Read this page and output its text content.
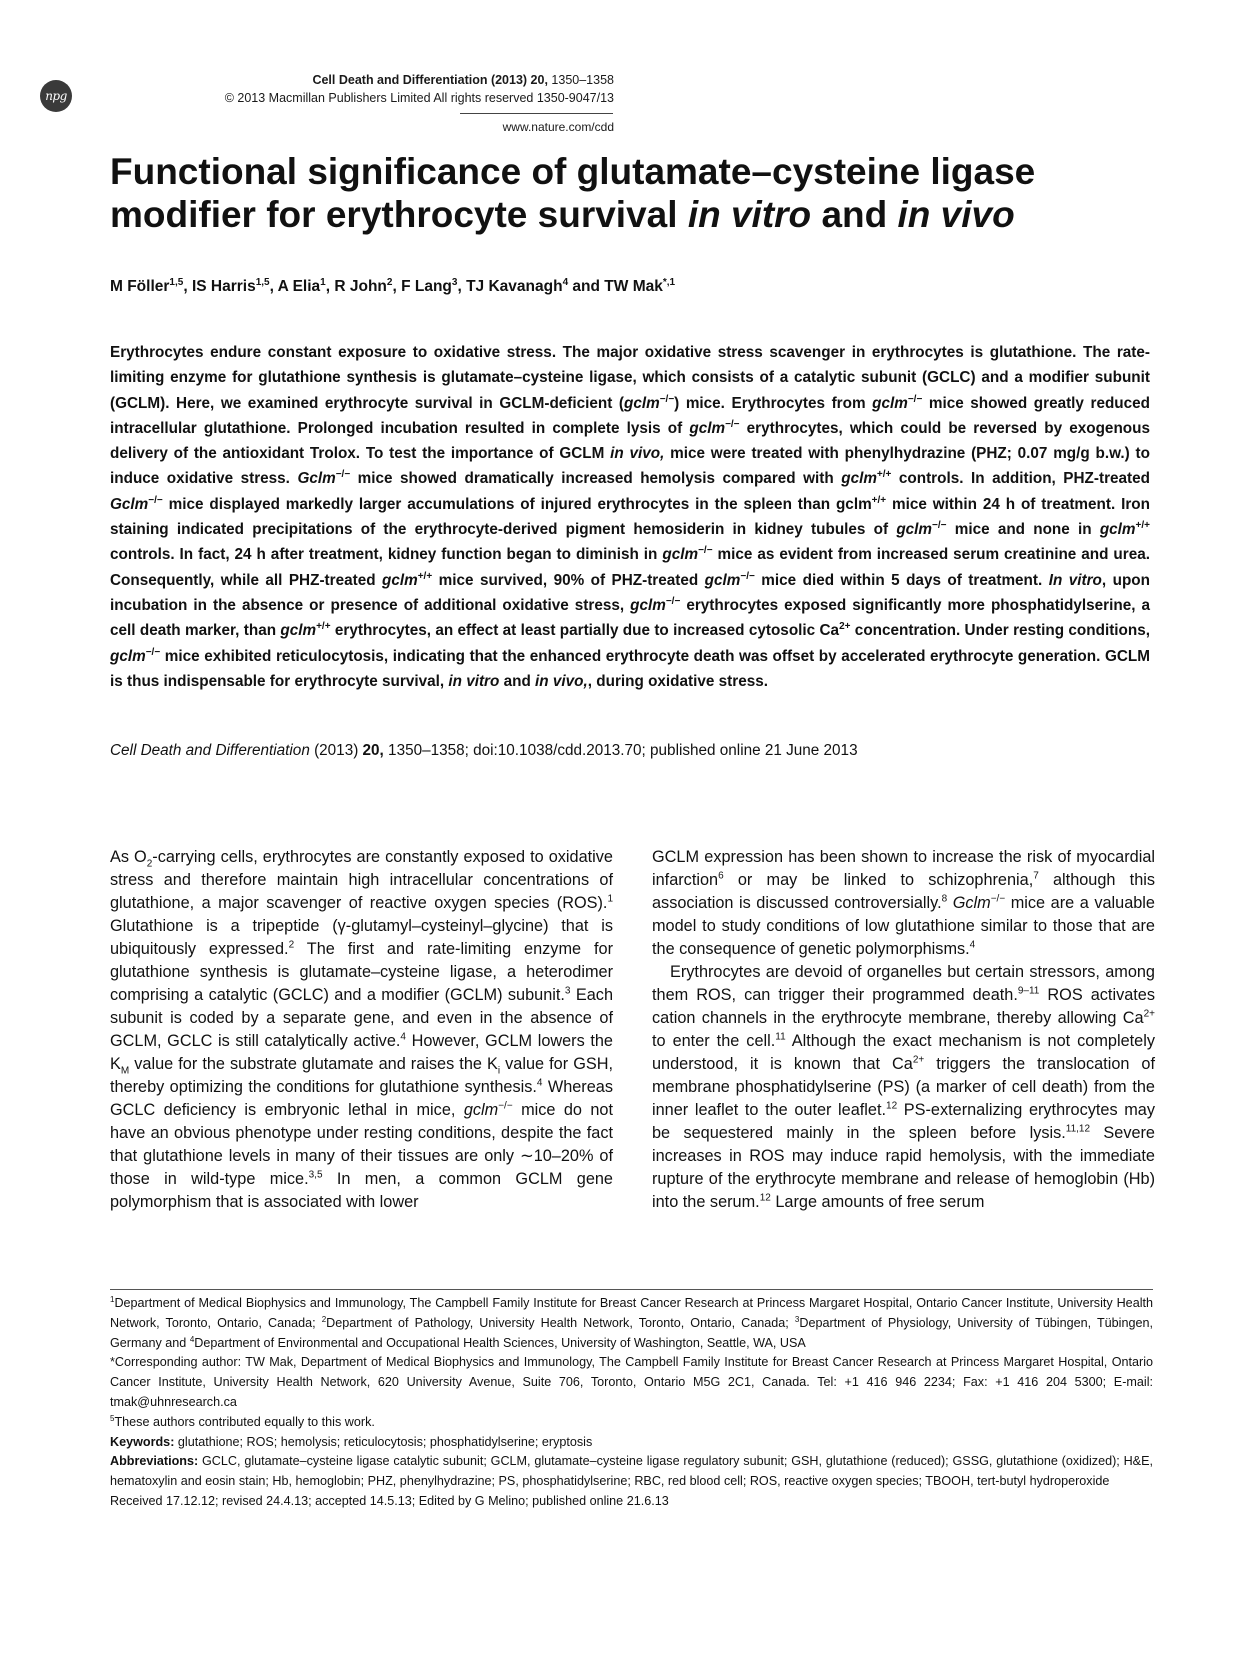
npg
Cell Death and Differentiation (2013) 20, 1350–1358
© 2013 Macmillan Publishers Limited All rights reserved 1350-9047/13
www.nature.com/cdd
Functional significance of glutamate–cysteine ligase modifier for erythrocyte survival in vitro and in vivo
M Föller$^{1,5}$, IS Harris$^{1,5}$, A Elia$^1$, R John$^2$, F Lang$^3$, TJ Kavanagh$^4$ and TW Mak$^{*,1}$
Erythrocytes endure constant exposure to oxidative stress. The major oxidative stress scavenger in erythrocytes is glutathione. The rate-limiting enzyme for glutathione synthesis is glutamate–cysteine ligase, which consists of a catalytic subunit (GCLC) and a modifier subunit (GCLM). Here, we examined erythrocyte survival in GCLM-deficient (gclm−/−) mice. Erythrocytes from gclm−/− mice showed greatly reduced intracellular glutathione. Prolonged incubation resulted in complete lysis of gclm−/− erythrocytes, which could be reversed by exogenous delivery of the antioxidant Trolox. To test the importance of GCLM in vivo, mice were treated with phenylhydrazine (PHZ; 0.07 mg/g b.w.) to induce oxidative stress. Gclm−/− mice showed dramatically increased hemolysis compared with gclm+/+ controls. In addition, PHZ-treated Gclm−/− mice displayed markedly larger accumulations of injured erythrocytes in the spleen than gclm+/+ mice within 24 h of treatment. Iron staining indicated precipitations of the erythrocyte-derived pigment hemosiderin in kidney tubules of gclm−/− mice and none in gclm+/+ controls. In fact, 24 h after treatment, kidney function began to diminish in gclm−/− mice as evident from increased serum creatinine and urea. Consequently, while all PHZ-treated gclm+/+ mice survived, 90% of PHZ-treated gclm−/− mice died within 5 days of treatment. In vitro, upon incubation in the absence or presence of additional oxidative stress, gclm−/− erythrocytes exposed significantly more phosphatidylserine, a cell death marker, than gclm+/+ erythrocytes, an effect at least partially due to increased cytosolic $Ca^{2+}$ concentration. Under resting conditions, gclm−/− mice exhibited reticulocytosis, indicating that the enhanced erythrocyte death was offset by accelerated erythrocyte generation. GCLM is thus indispensable for erythrocyte survival, in vitro and in vivo,, during oxidative stress.
Cell Death and Differentiation (2013) 20, 1350–1358; doi:10.1038/cdd.2013.70; published online 21 June 2013

As $O_2$-carrying cells, erythrocytes are constantly exposed to oxidative stress and therefore maintain high intracellular concentrations of glutathione, a major scavenger of reactive oxygen species (ROS).$^1$ Glutathione is a tripeptide (γ-glutamyl–cysteinyl–glycine) that is ubiquitously expressed.$^2$ The first and rate-limiting enzyme for glutathione synthesis is glutamate–cysteine ligase, a heterodimer comprising a catalytic (GCLC) and a modifier (GCLM) subunit.$^3$ Each subunit is coded by a separate gene, and even in the absence of GCLM, GCLC is still catalytically active.$^4$ However, GCLM lowers the $K_M$ value for the substrate glutamate and raises the $K_i$ value for GSH, thereby optimizing the conditions for glutathione synthesis.$^4$ Whereas GCLC deficiency is embryonic lethal in mice, gclm−/− mice do not have an obvious phenotype under resting conditions, despite the fact that glutathione levels in many of their tissues are only ∼10–20% of those in wild-type mice.$^{3,5}$ In men, a common GCLM gene polymorphism that is associated with lower

GCLM expression has been shown to increase the risk of myocardial infarction$^6$ or may be linked to schizophrenia,$^7$ although this association is discussed controversially.$^8$ Gclm−/− mice are a valuable model to study conditions of low glutathione similar to those that are the consequence of genetic polymorphisms.$^4$

Erythrocytes are devoid of organelles but certain stressors, among them ROS, can trigger their programmed death.$^{9-11}$ ROS activates cation channels in the erythrocyte membrane, thereby allowing $Ca^{2+}$ to enter the cell.$^{11}$ Although the exact mechanism is not completely understood, it is known that $Ca^{2+}$ triggers the translocation of membrane phosphatidylserine (PS) (a marker of cell death) from the inner leaflet to the outer leaflet.$^{12}$ PS-externalizing erythrocytes may be sequestered mainly in the spleen before lysis.$^{11,12}$ Severe increases in ROS may induce rapid hemolysis, with the immediate rupture of the erythrocyte membrane and release of hemoglobin (Hb) into the serum.$^{12}$ Large amounts of free serum

$^1$Department of Medical Biophysics and Immunology, The Campbell Family Institute for Breast Cancer Research at Princess Margaret Hospital, Ontario Cancer Institute, University Health Network, Toronto, Ontario, Canada; $^2$Department of Pathology, University Health Network, Toronto, Ontario, Canada; $^3$Department of Physiology, University of Tübingen, Tübingen, Germany and $^4$Department of Environmental and Occupational Health Sciences, University of Washington, Seattle, WA, USA

*Corresponding author: TW Mak, Department of Medical Biophysics and Immunology, The Campbell Family Institute for Breast Cancer Research at Princess Margaret Hospital, Ontario Cancer Institute, University Health Network, 620 University Avenue, Suite 706, Toronto, Ontario M5G 2C1, Canada. Tel: +1 416 946 2234; Fax: +1 416 204 5300; E-mail: tmak@uhnresearch.ca

$^5$These authors contributed equally to this work.

Keywords: glutathione; ROS; hemolysis; reticulocytosis; phosphatidylserine; eryptosis

Abbreviations: GCLC, glutamate–cysteine ligase catalytic subunit; GCLM, glutamate–cysteine ligase regulatory subunit; GSH, glutathione (reduced); GSSG, glutathione (oxidized); H&E, hematoxylin and eosin stain; Hb, hemoglobin; PHZ, phenylhydrazine; PS, phosphatidylserine; RBC, red blood cell; ROS, reactive oxygen species; TBOOH, tert-butyl hydroperoxide

Received 17.12.12; revised 24.4.13; accepted 14.5.13; Edited by G Melino; published online 21.6.13
